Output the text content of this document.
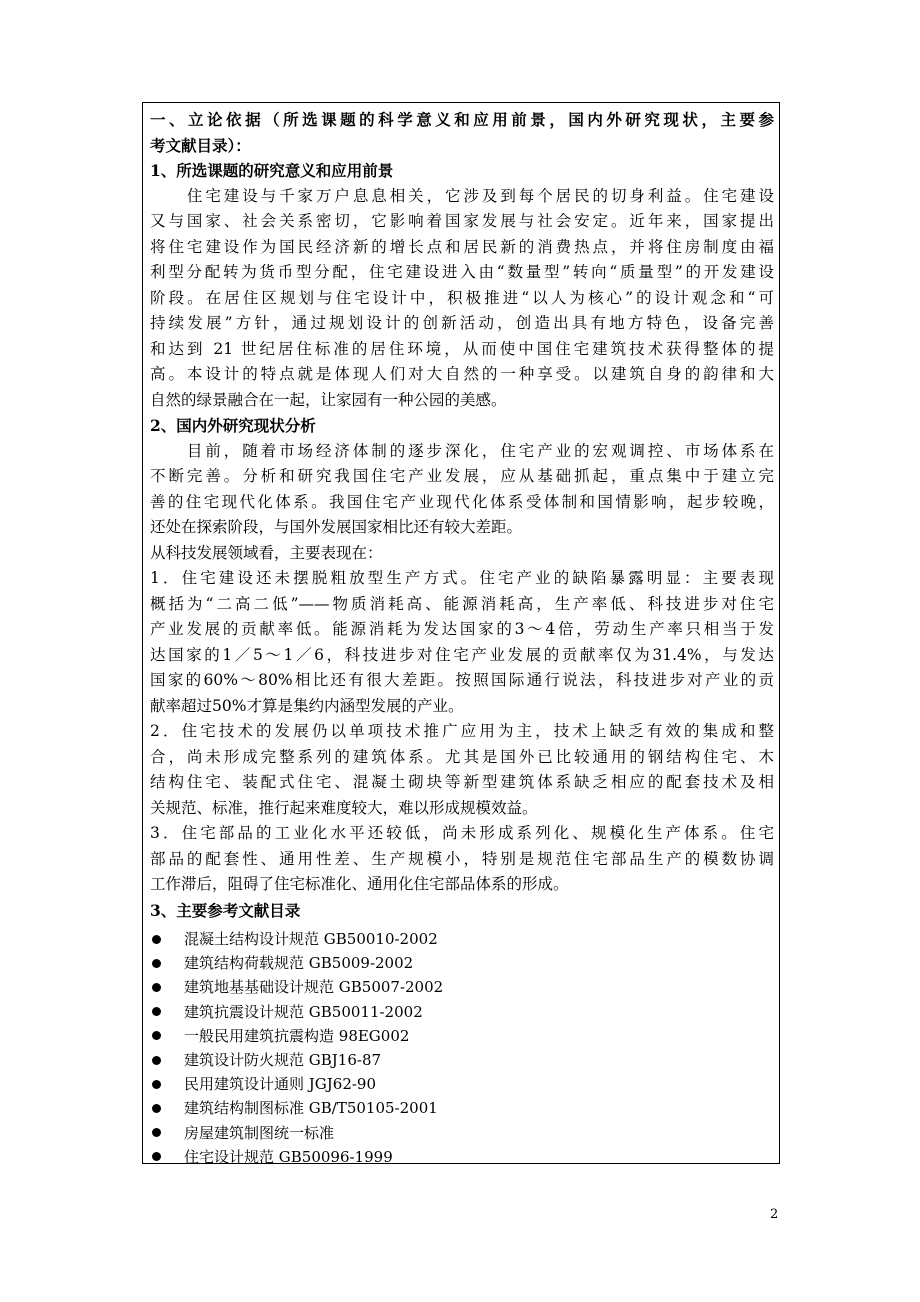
一、立论依据（所选课题的科学意义和应用前景，国内外研究现状，主要参
考文献目录）：
1、所选课题的研究意义和应用前景
　　住宅建设与千家万户息息相关，它涉及到每个居民的切身利益。住宅建设
又与国家、社会关系密切，它影响着国家发展与社会安定。近年来，国家提出
将住宅建设作为国民经济新的增长点和居民新的消费热点，并将住房制度由福
利型分配转为货币型分配，住宅建设进入由“数量型”转向“质量型”的开发建设
阶段。在居住区规划与住宅设计中，积极推进“以人为核心”的设计观念和“可
持续发展”方针，通过规划设计的创新活动，创造出具有地方特色，设备完善
和达到 21 世纪居住标准的居住环境，从而使中国住宅建筑技术获得整体的提
高。本设计的特点就是体现人们对大自然的一种享受。以建筑自身的韵律和大
自然的绿景融合在一起，让家园有一种公园的美感。
2、国内外研究现状分析
　　目前，随着市场经济体制的逐步深化，住宅产业的宏观调控、市场体系在
不断完善。分析和研究我国住宅产业发展，应从基础抓起，重点集中于建立完
善的住宅现代化体系。我国住宅产业现代化体系受体制和国情影响，起步较晚，
还处在探索阶段，与国外发展国家相比还有较大差距。
从科技发展领域看，主要表现在：
1．住宅建设还未摆脱粗放型生产方式。住宅产业的缺陷暴露明显：主要表现
概括为“二高二低”——物质消耗高、能源消耗高，生产率低、科技进步对住宅
产业发展的贡献率低。能源消耗为发达国家的3～4倍，劳动生产率只相当于发
达国家的1／5～1／6，科技进步对住宅产业发展的贡献率仅为31.4%，与发达
国家的60%～80%相比还有很大差距。按照国际通行说法，科技进步对产业的贡
献率超过50%才算是集约内涵型发展的产业。
2．住宅技术的发展仍以单项技术推广应用为主，技术上缺乏有效的集成和整
合，尚未形成完整系列的建筑体系。尤其是国外已比较通用的钢结构住宅、木
结构住宅、装配式住宅、混凝土砌块等新型建筑体系缺乏相应的配套技术及相
关规范、标准，推行起来难度较大，难以形成规模效益。
3．住宅部品的工业化水平还较低，尚未形成系列化、规模化生产体系。住宅
部品的配套性、通用性差、生产规模小，特别是规范住宅部品生产的模数协调
工作滞后，阻碍了住宅标准化、通用化住宅部品体系的形成。
3、主要参考文献目录
混凝土结构设计规范 GB50010-2002
建筑结构荷载规范 GB5009-2002
建筑地基基础设计规范 GB5007-2002
建筑抗震设计规范 GB50011-2002
一般民用建筑抗震构造 98EG002
建筑设计防火规范 GBJ16-87
民用建筑设计通则 JGJ62-90
建筑结构制图标准 GB/T50105-2001
房屋建筑制图统一标准
住宅设计规范 GB50096-1999
2
